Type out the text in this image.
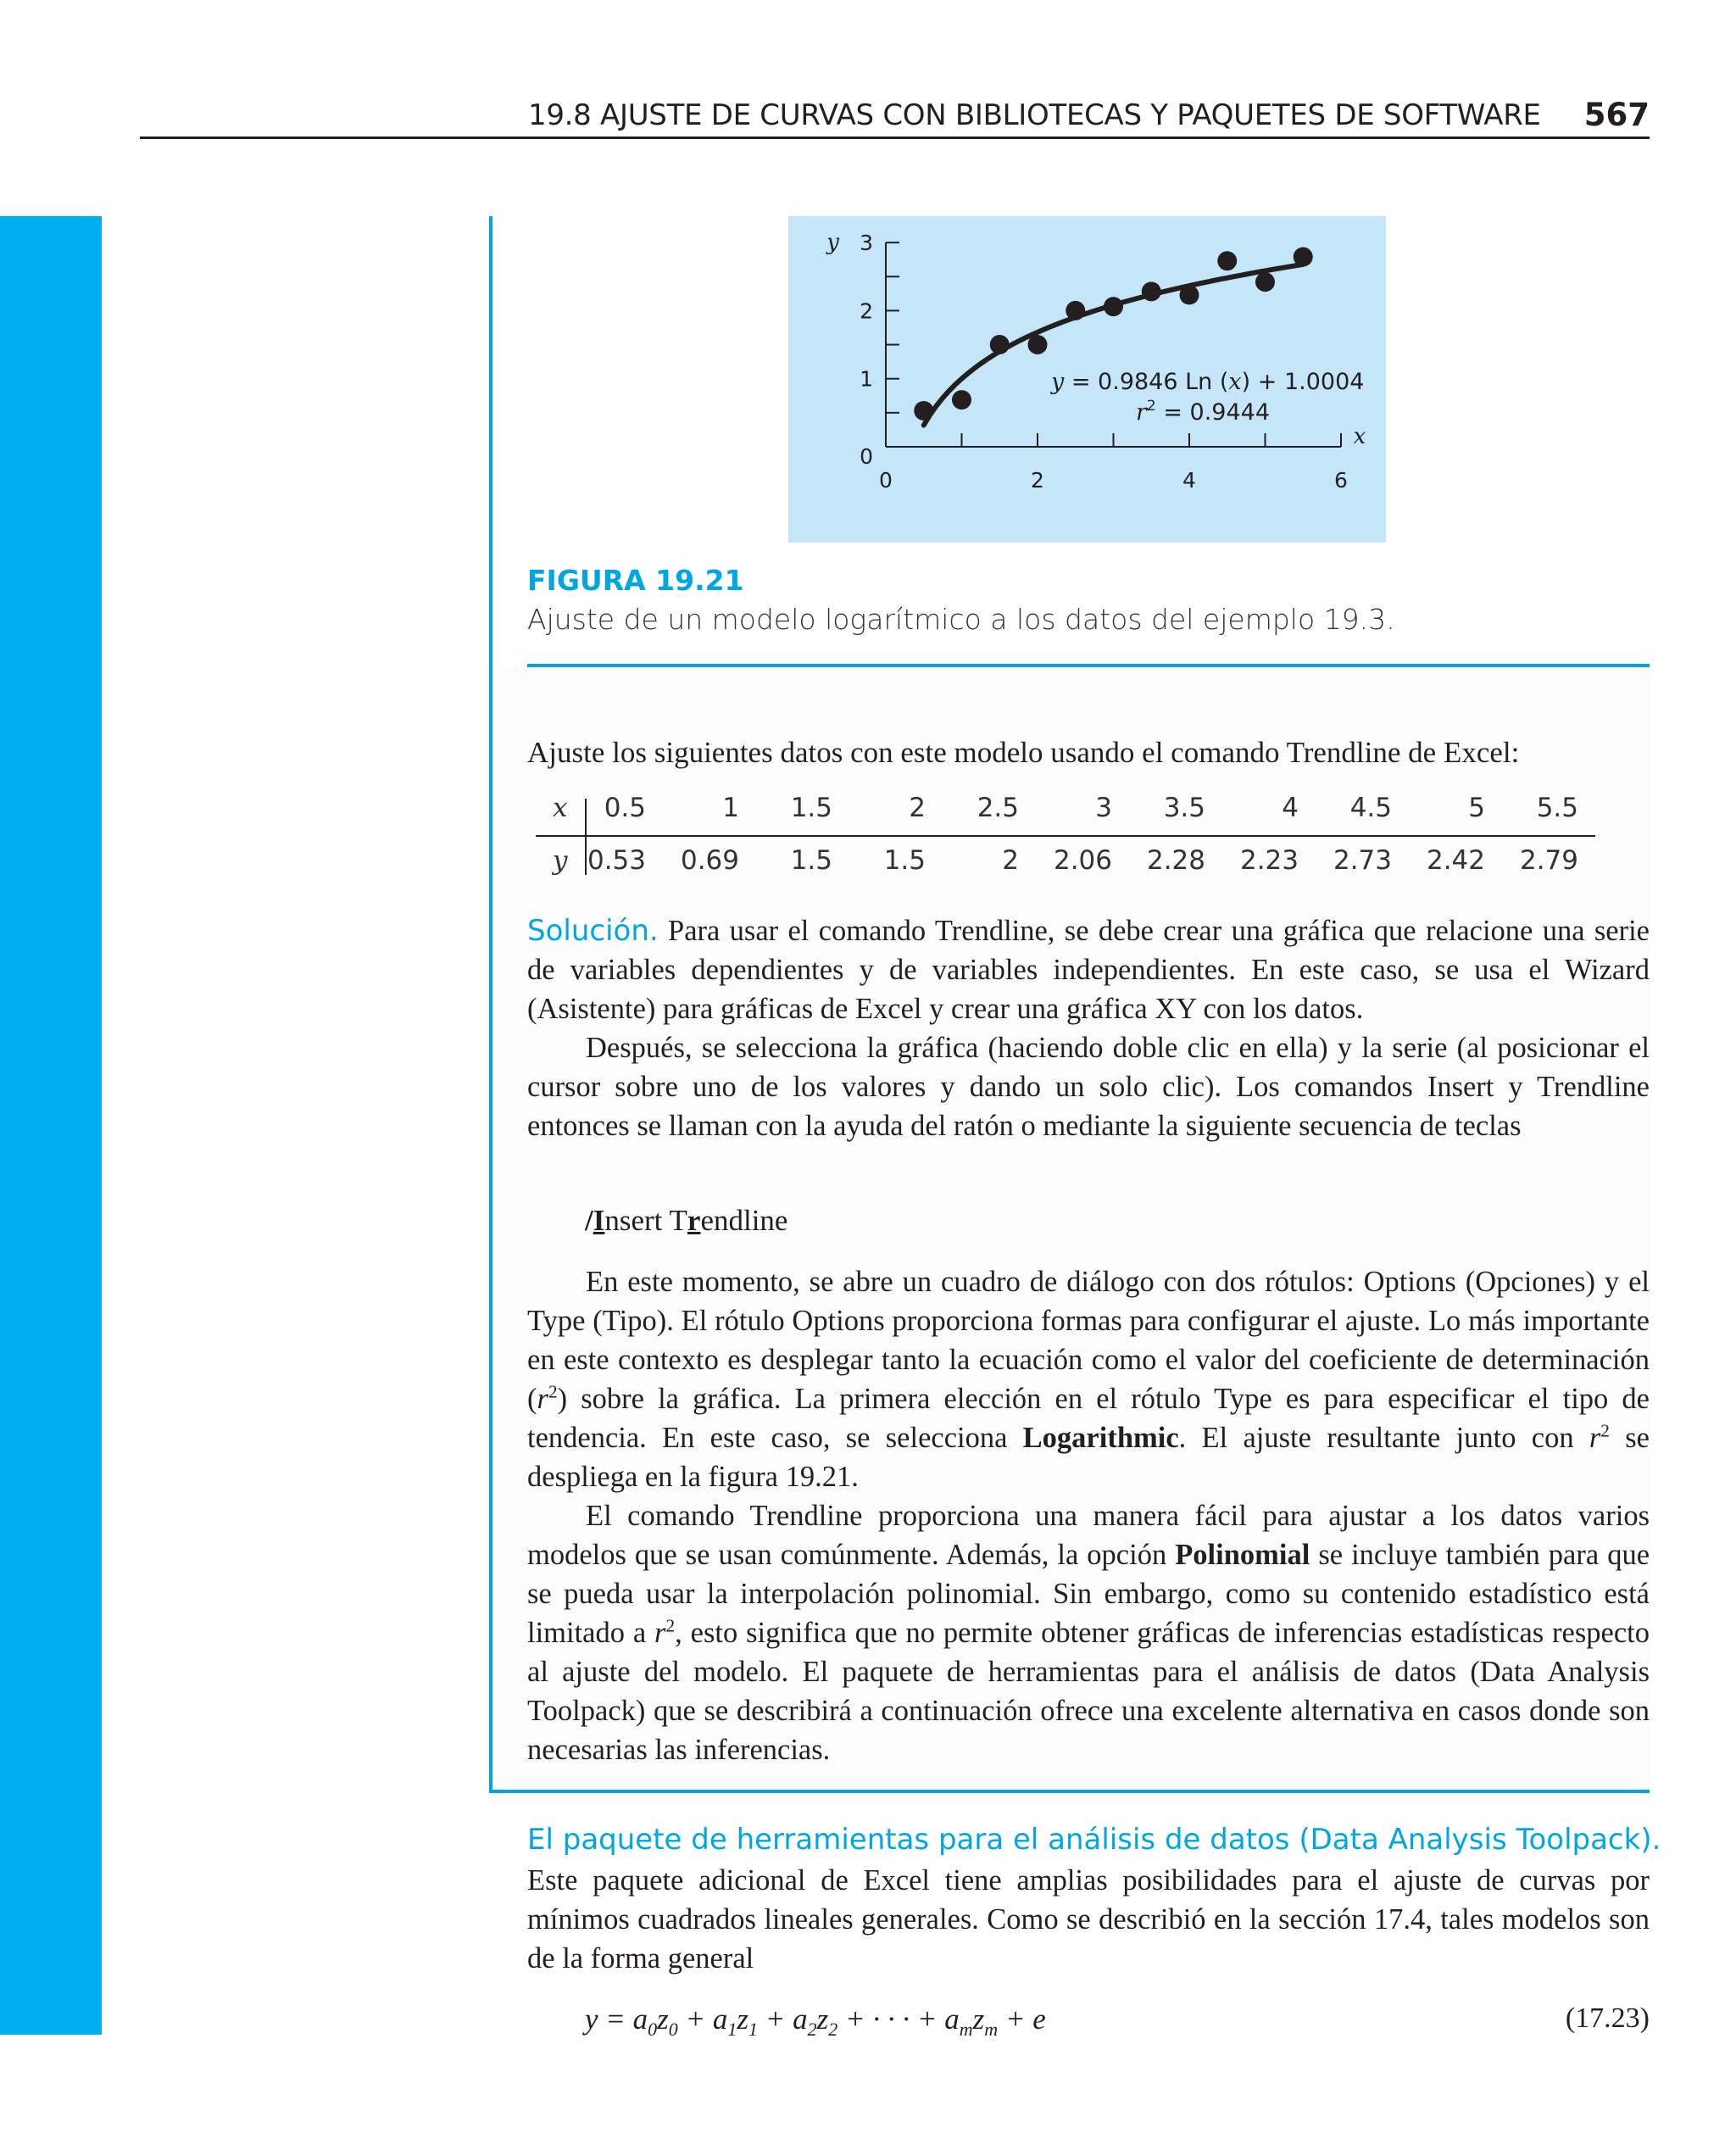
19.8 AJUSTE DE CURVAS CON BIBLIOTECAS Y PAQUETES DE SOFTWARE 567
0	2	4	6
0
1
2
3
y
x
y = 0.9846 Ln (x) + 1.0004
$r^2 = 0.9444$
FIGURA 19.21
Ajuste de un modelo logarítmico a los datos del ejemplo 19.3.
Ajuste los siguientes datos con este modelo usando el comando Trendline de Excel:
x	0.5	1	1.5	2	2.5	3	3.5	4	4.5	5	5.5
y 0.53	0.69	1.5	1.5	2	2.06	2.28	2.23	2.73	2.42	2.79
Solución. Para usar el comando Trendline, se debe crear una gráfica que relacione una serie de variables dependientes y de variables independientes. En este caso, se usa el Wizard (Asistente) para gráficas de Excel y crear una gráfica XY con los datos.
Después, se selecciona la gráfica (haciendo doble clic en ella) y la serie (al posicionar el cursor sobre uno de los valores y dando un solo clic). Los comandos Insert y Trendline entonces se llaman con la ayuda del ratón o mediante la siguiente secuencia de teclas
/Insert Trendline
En este momento, se abre un cuadro de diálogo con dos rótulos: Options (Opciones) y el Type (Tipo). El rótulo Options proporciona formas para configurar el ajuste. Lo más importante en este contexto es desplegar tanto la ecuación como el valor del coeficiente de determinación $(r^2)$ sobre la gráfica. La primera elección en el rótulo Type es para especificar el tipo de tendencia. En este caso, se selecciona Logarithmic. El ajuste resultante junto con $r^2$ se despliega en la figura 19.21.
El comando Trendline proporciona una manera fácil para ajustar a los datos varios modelos que se usan comúnmente. Además, la opción Polinomial se incluye también para que se pueda usar la interpolación polinomial. Sin embargo, como su contenido estadístico está limitado a $r^2$, esto significa que no permite obtener gráficas de inferencias estadísticas respecto al ajuste del modelo. El paquete de herramientas para el análisis de datos (Data Analysis Toolpack) que se describirá a continuación ofrece una excelente alternativa en casos donde son necesarias las inferencias.
El paquete de herramientas para el análisis de datos (Data Analysis Toolpack).
Este paquete adicional de Excel tiene amplias posibilidades para el ajuste de curvas por mínimos cuadrados lineales generales. Como se describió en la sección 17.4, tales modelos son de la forma general
$y = a_0z_0 + a_1z_1 + a_2z_2$ + · · · + $a_mz_m + e$	(17.23)
